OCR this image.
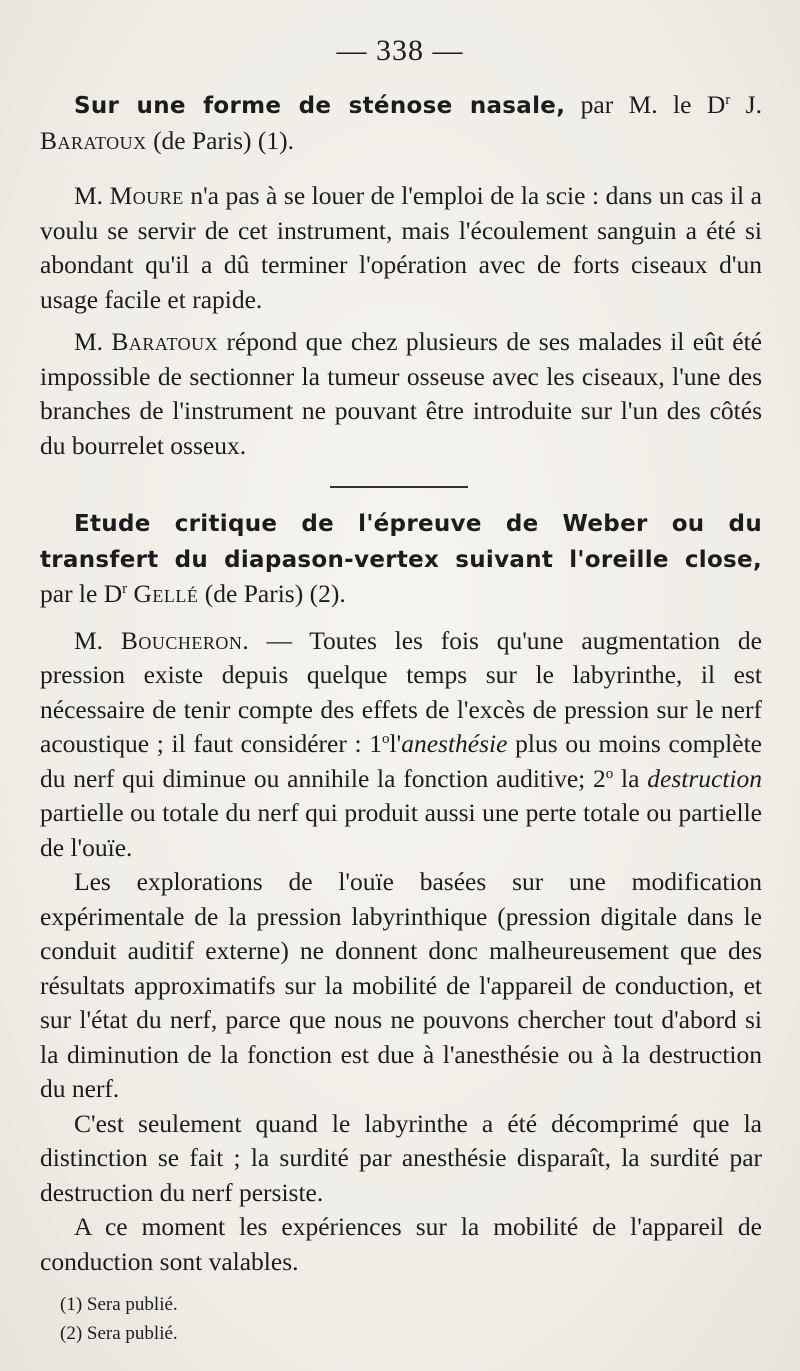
— 338 —

Sur une forme de sténose nasale, par M. le $D^r$ J. Baratoux (de Paris) (1).

M. Moure n'a pas à se louer de l'emploi de la scie : dans un cas il a voulu se servir de cet instrument, mais l'écoulement sanguin a été si abondant qu'il a dû terminer l'opération avec de forts ciseaux d'un usage facile et rapide.

M. Baratoux répond que chez plusieurs de ses malades il eût été impossible de sectionner la tumeur osseuse avec les ciseaux, l'une des branches de l'instrument ne pouvant être introduite sur l'un des côtés du bourrelet osseux.

Etude critique de l'épreuve de Weber ou du transfert du diapason-vertex suivant l'oreille close, par le $D^r$ Gellé (de Paris) (2).

M. Boucheron. — Toutes les fois qu'une augmentation de pression existe depuis quelque temps sur le labyrinthe, il est nécessaire de tenir compte des effets de l'excès de pression sur le nerf acoustique ; il faut considérer : 1$^o$l'anesthésie plus ou moins complète du nerf qui diminue ou annihile la fonction auditive; 2$^o$ la destruction partielle ou totale du nerf qui produit aussi une perte totale ou partielle de l'ouïe.

Les explorations de l'ouïe basées sur une modification expérimentale de la pression labyrinthique (pression digitale dans le conduit auditif externe) ne donnent donc malheureusement que des résultats approximatifs sur la mobilité de l'appareil de conduction, et sur l'état du nerf, parce que nous ne pouvons chercher tout d'abord si la diminution de la fonction est due à l'anesthésie ou à la destruction du nerf.

C'est seulement quand le labyrinthe a été décomprimé que la distinction se fait ; la surdité par anesthésie disparaît, la surdité par destruction du nerf persiste.

A ce moment les expériences sur la mobilité de l'appareil de conduction sont valables.

(1) Sera publié.
(2) Sera publié.
